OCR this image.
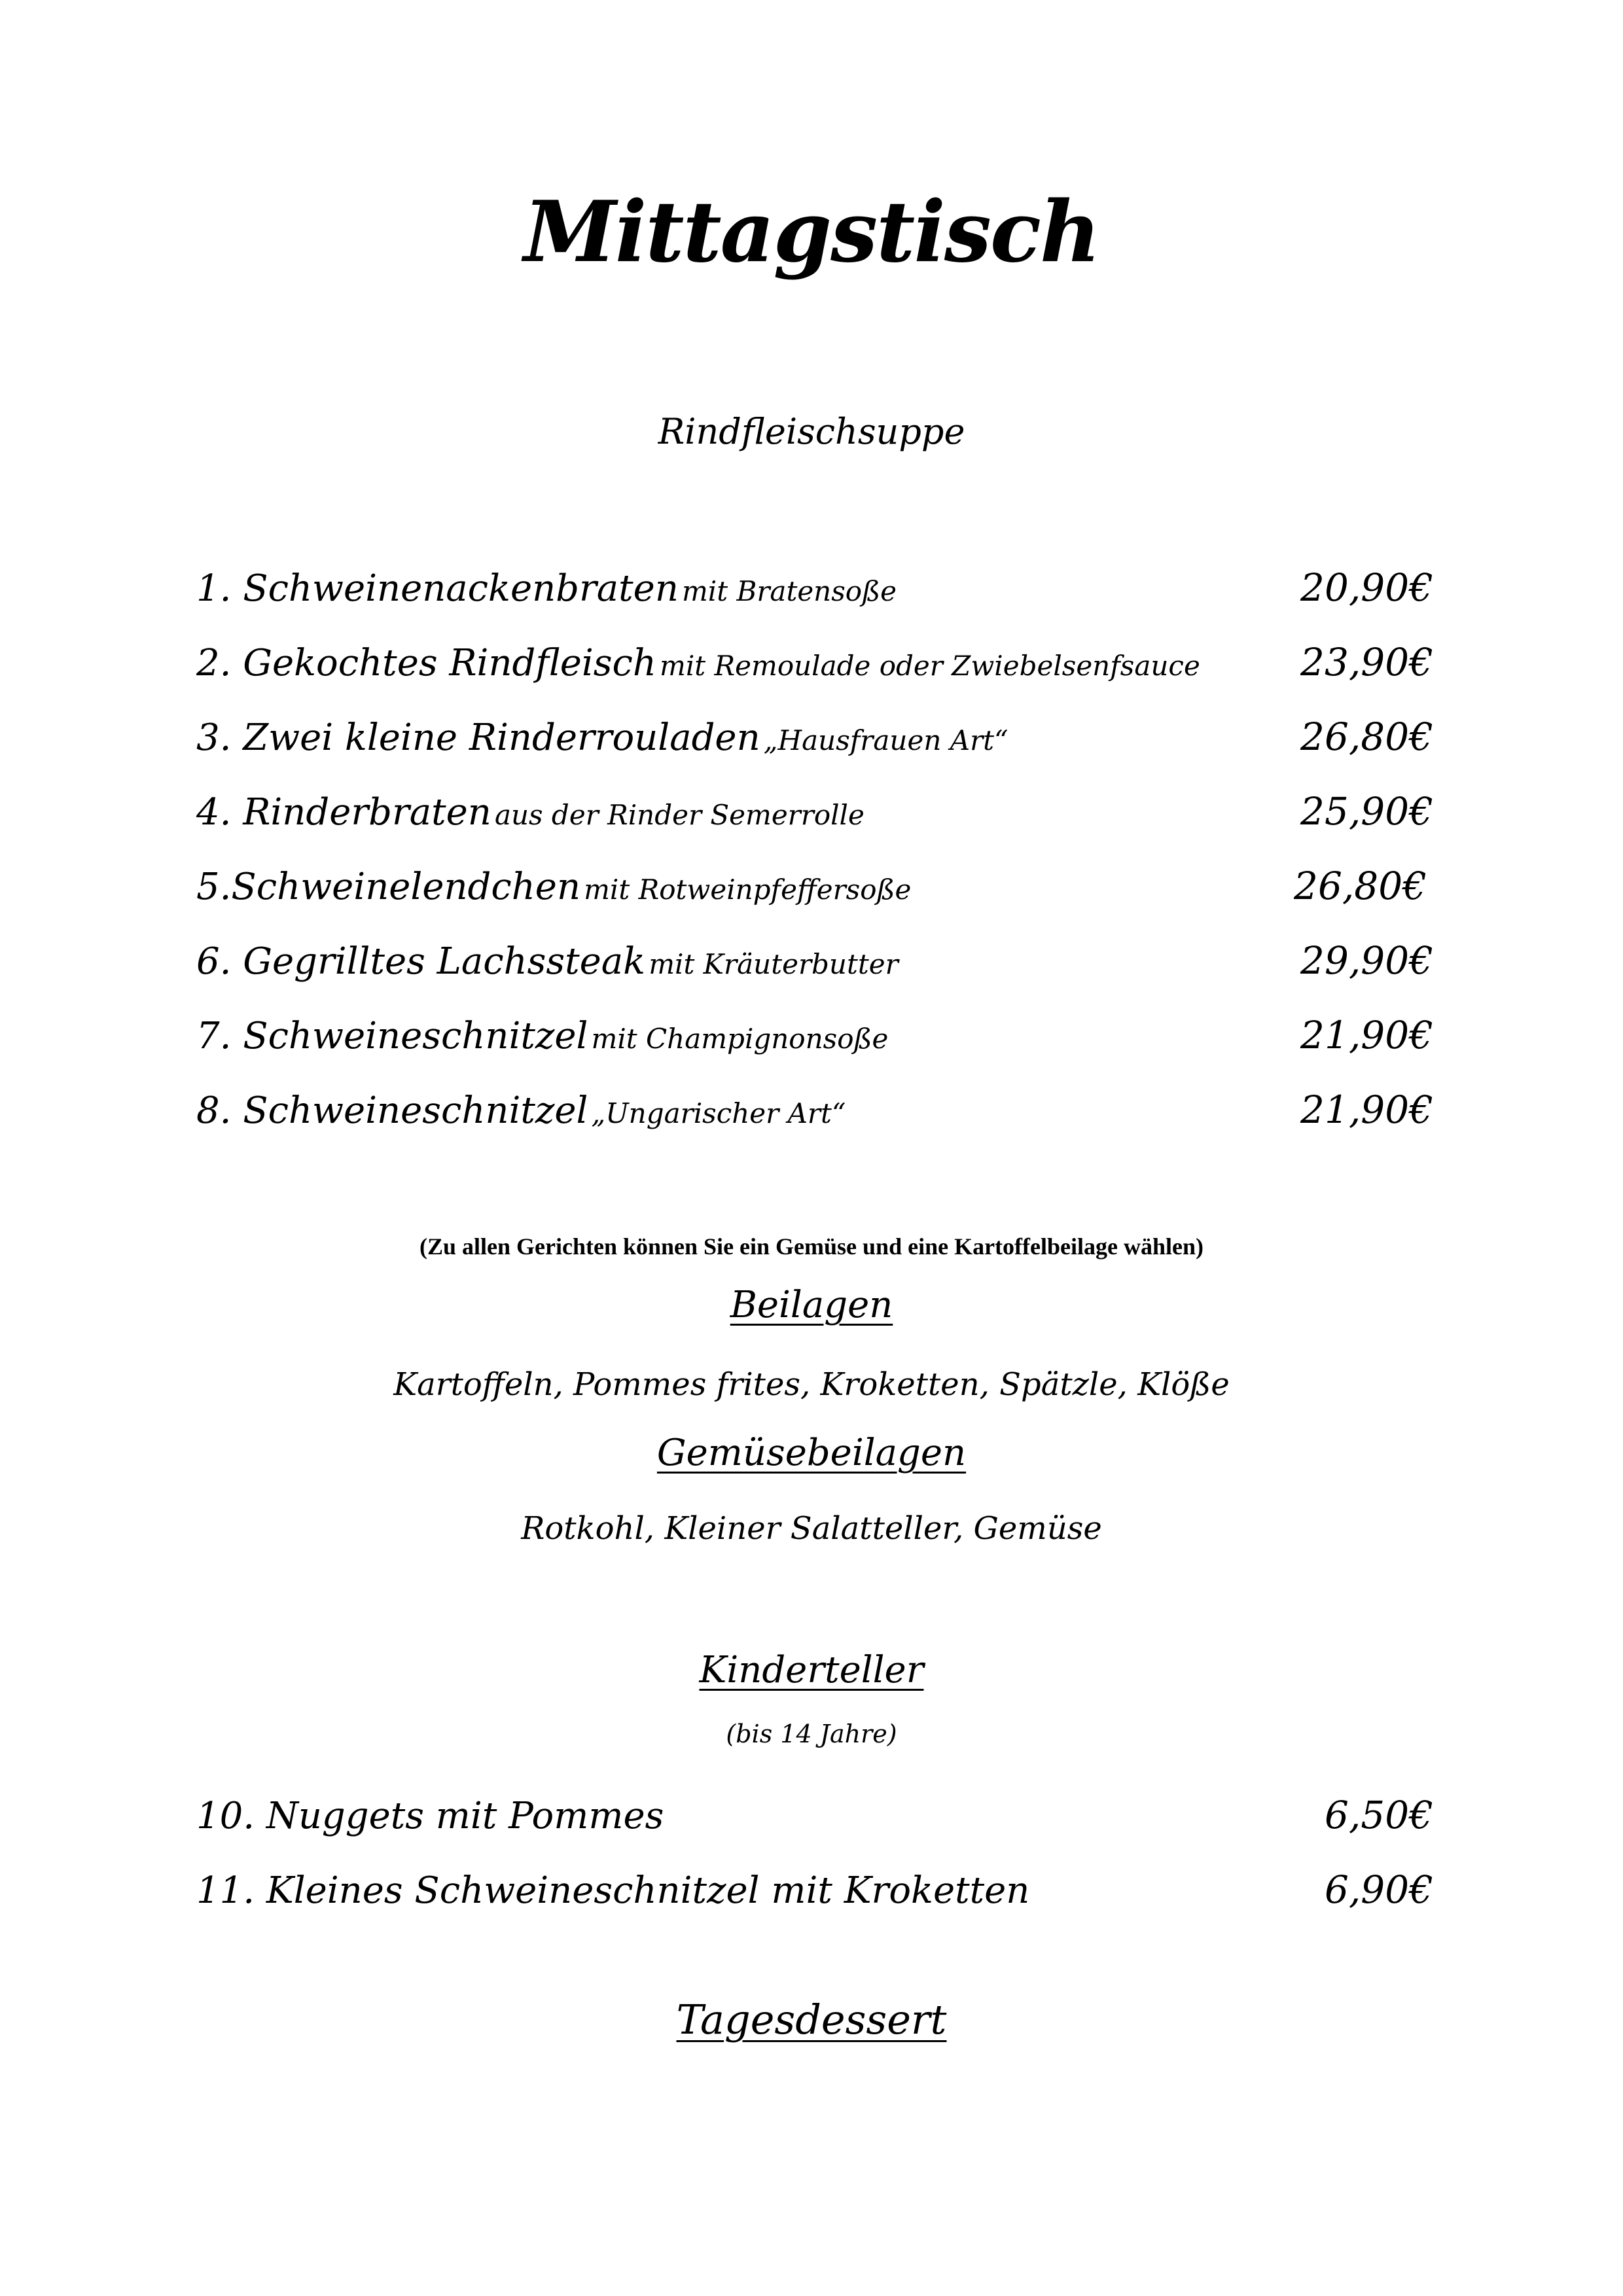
Mittagstisch
Rindfleischsuppe
1. Schweinenackenbraten mit Bratensoße	20,90€
2. Gekochtes Rindfleisch mit Remoulade oder Zwiebelsenfsauce	23,90€
3. Zwei kleine Rinderrouladen „Hausfrauen Art“	26,80€
4. Rinderbraten aus der Rinder Semerrolle	25,90€
5.Schweinelendchen mit Rotweinpfeffersoße	26,80€
6. Gegrilltes Lachssteak mit Kräuterbutter	29,90€
7. Schweineschnitzel mit Champignonsoße	21,90€
8. Schweineschnitzel „Ungarischer Art“	21,90€
(Zu allen Gerichten können Sie ein Gemüse und eine Kartoffelbeilage wählen)
Beilagen
Kartoffeln, Pommes frites, Kroketten, Spätzle, Klöße
Gemüsebeilagen
Rotkohl, Kleiner Salatteller, Gemüse
Kinderteller
(bis 14 Jahre)
10. Nuggets mit Pommes	6,50€
11. Kleines Schweineschnitzel mit Kroketten	6,90€
Tagesdessert
